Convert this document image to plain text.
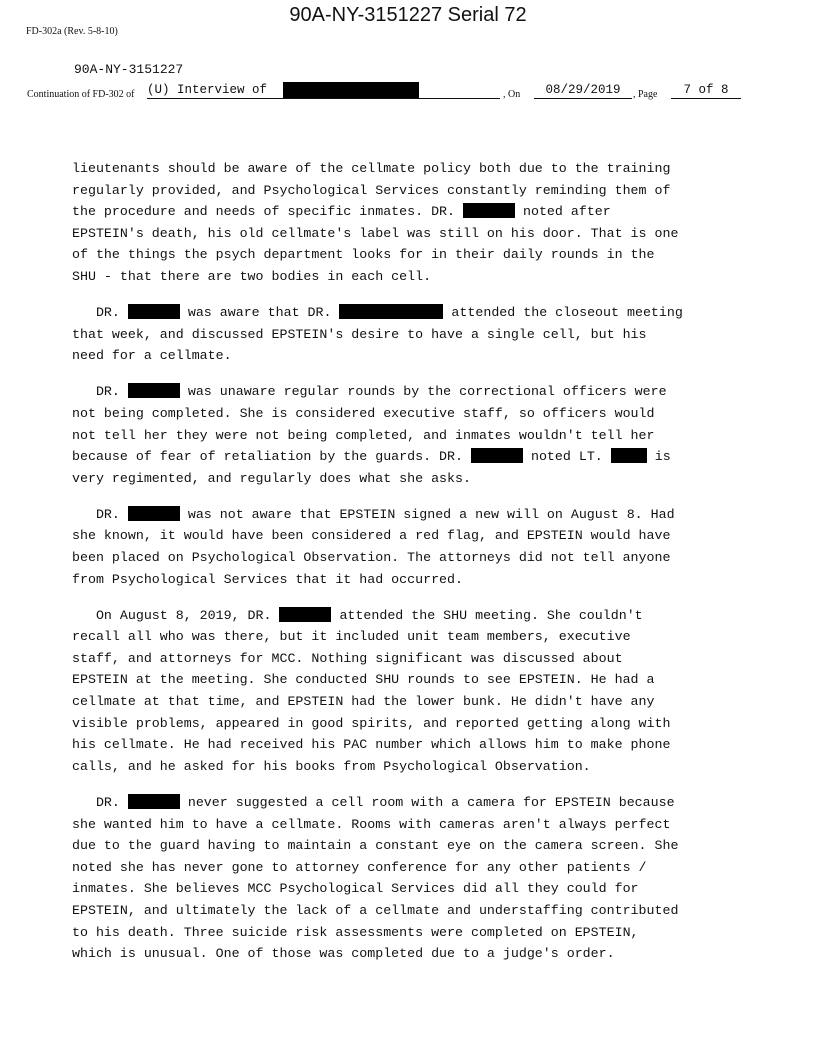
90A-NY-3151227 Serial 72
FD-302a (Rev. 5-8-10)
90A-NY-3151227
Continuation of FD-302 of (U) Interview of	, On	08/29/2019	, Page	7 of 8

lieutenants should be aware of the cellmate policy both due to the training
regularly provided, and Psychological Services constantly reminding them of
the procedure and needs of specific inmates. DR.	noted after
EPSTEIN's death, his old cellmate's label was still on his door. That is one
of the things the psych department looks for in their daily rounds in the
SHU - that there are two bodies in each cell.

DR.	was aware that DR.	attended the closeout meeting
that week, and discussed EPSTEIN's desire to have a single cell, but his
need for a cellmate.

DR.	was unaware regular rounds by the correctional officers were
not being completed. She is considered executive staff, so officers would
not tell her they were not being completed, and inmates wouldn't tell her
because of fear of retaliation by the guards. DR.	noted LT.	is
very regimented, and regularly does what she asks.

DR.	was not aware that EPSTEIN signed a new will on August 8. Had
she known, it would have been considered a red flag, and EPSTEIN would have
been placed on Psychological Observation. The attorneys did not tell anyone
from Psychological Services that it had occurred.

On August 8, 2019, DR.	attended the SHU meeting. She couldn't
recall all who was there, but it included unit team members, executive
staff, and attorneys for MCC. Nothing significant was discussed about
EPSTEIN at the meeting. She conducted SHU rounds to see EPSTEIN. He had a
cellmate at that time, and EPSTEIN had the lower bunk. He didn't have any
visible problems, appeared in good spirits, and reported getting along with
his cellmate. He had received his PAC number which allows him to make phone
calls, and he asked for his books from Psychological Observation.

DR.	never suggested a cell room with a camera for EPSTEIN because
she wanted him to have a cellmate. Rooms with cameras aren't always perfect
due to the guard having to maintain a constant eye on the camera screen. She
noted she has never gone to attorney conference for any other patients /
inmates. She believes MCC Psychological Services did all they could for
EPSTEIN, and ultimately the lack of a cellmate and understaffing contributed
to his death. Three suicide risk assessments were completed on EPSTEIN,
which is unusual. One of those was completed due to a judge's order.
